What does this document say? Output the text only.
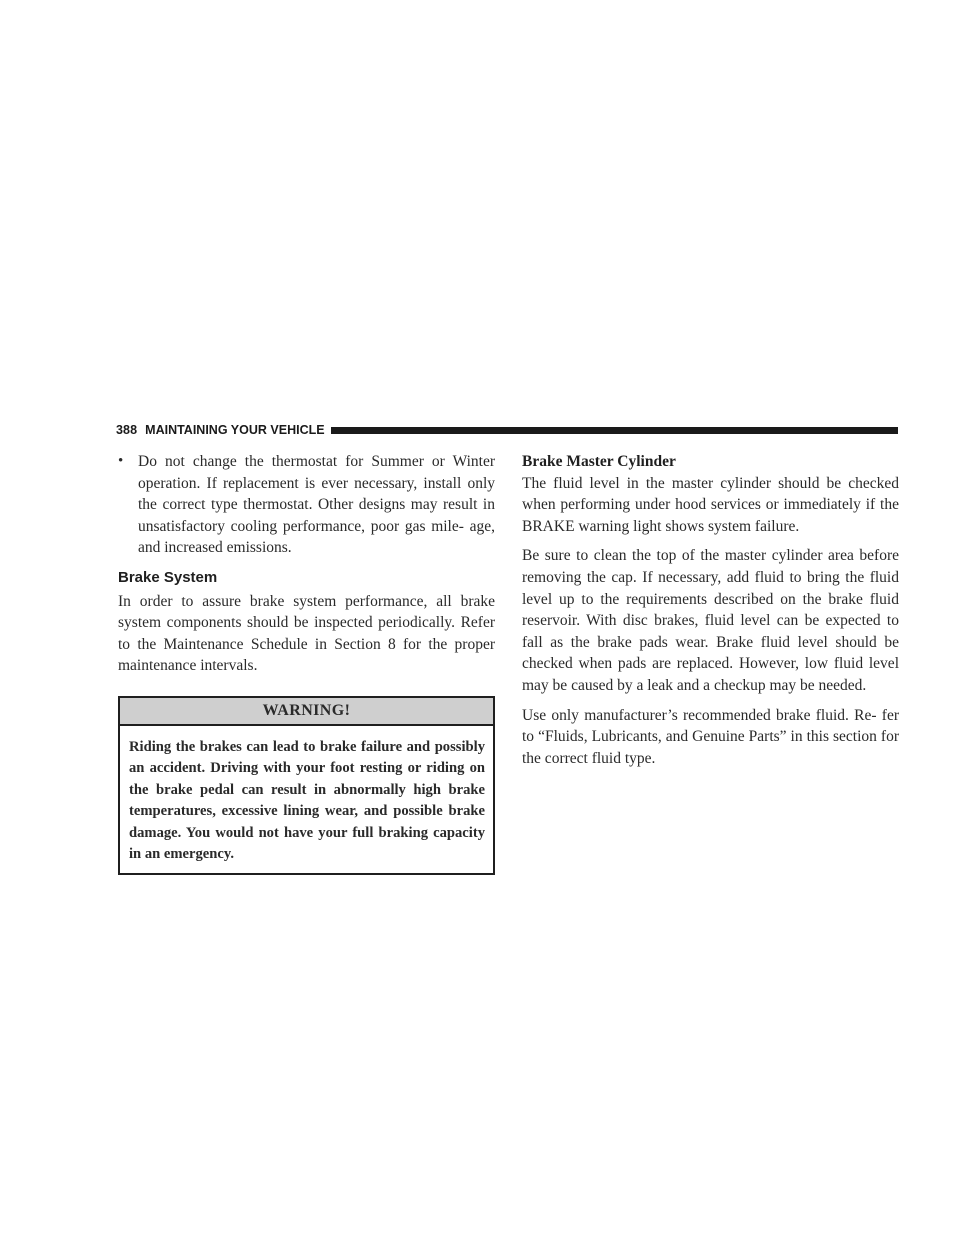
388 MAINTAINING YOUR VEHICLE
• Do not change the thermostat for Summer or Winter operation. If replacement is ever necessary, install only the correct type thermostat. Other designs may result in unsatisfactory cooling performance, poor gas mile- age, and increased emissions.
Brake System

In order to assure brake system performance, all brake system components should be inspected periodically. Refer to the Maintenance Schedule in Section 8 for the proper maintenance intervals.

WARNING!
Riding the brakes can lead to brake failure and possibly an accident. Driving with your foot resting or riding on the brake pedal can result in abnormally high brake temperatures, excessive lining wear, and possible brake damage. You would not have your full braking capacity in an emergency.
Brake Master Cylinder

The fluid level in the master cylinder should be checked when performing under hood services or immediately if the BRAKE warning light shows system failure.

Be sure to clean the top of the master cylinder area before removing the cap. If necessary, add fluid to bring the fluid level up to the requirements described on the brake fluid reservoir. With disc brakes, fluid level can be expected to fall as the brake pads wear. Brake fluid level should be checked when pads are replaced. However, low fluid level may be caused by a leak and a checkup may be needed.

Use only manufacturer’s recommended brake fluid. Re- fer to “Fluids, Lubricants, and Genuine Parts” in this section for the correct fluid type.
